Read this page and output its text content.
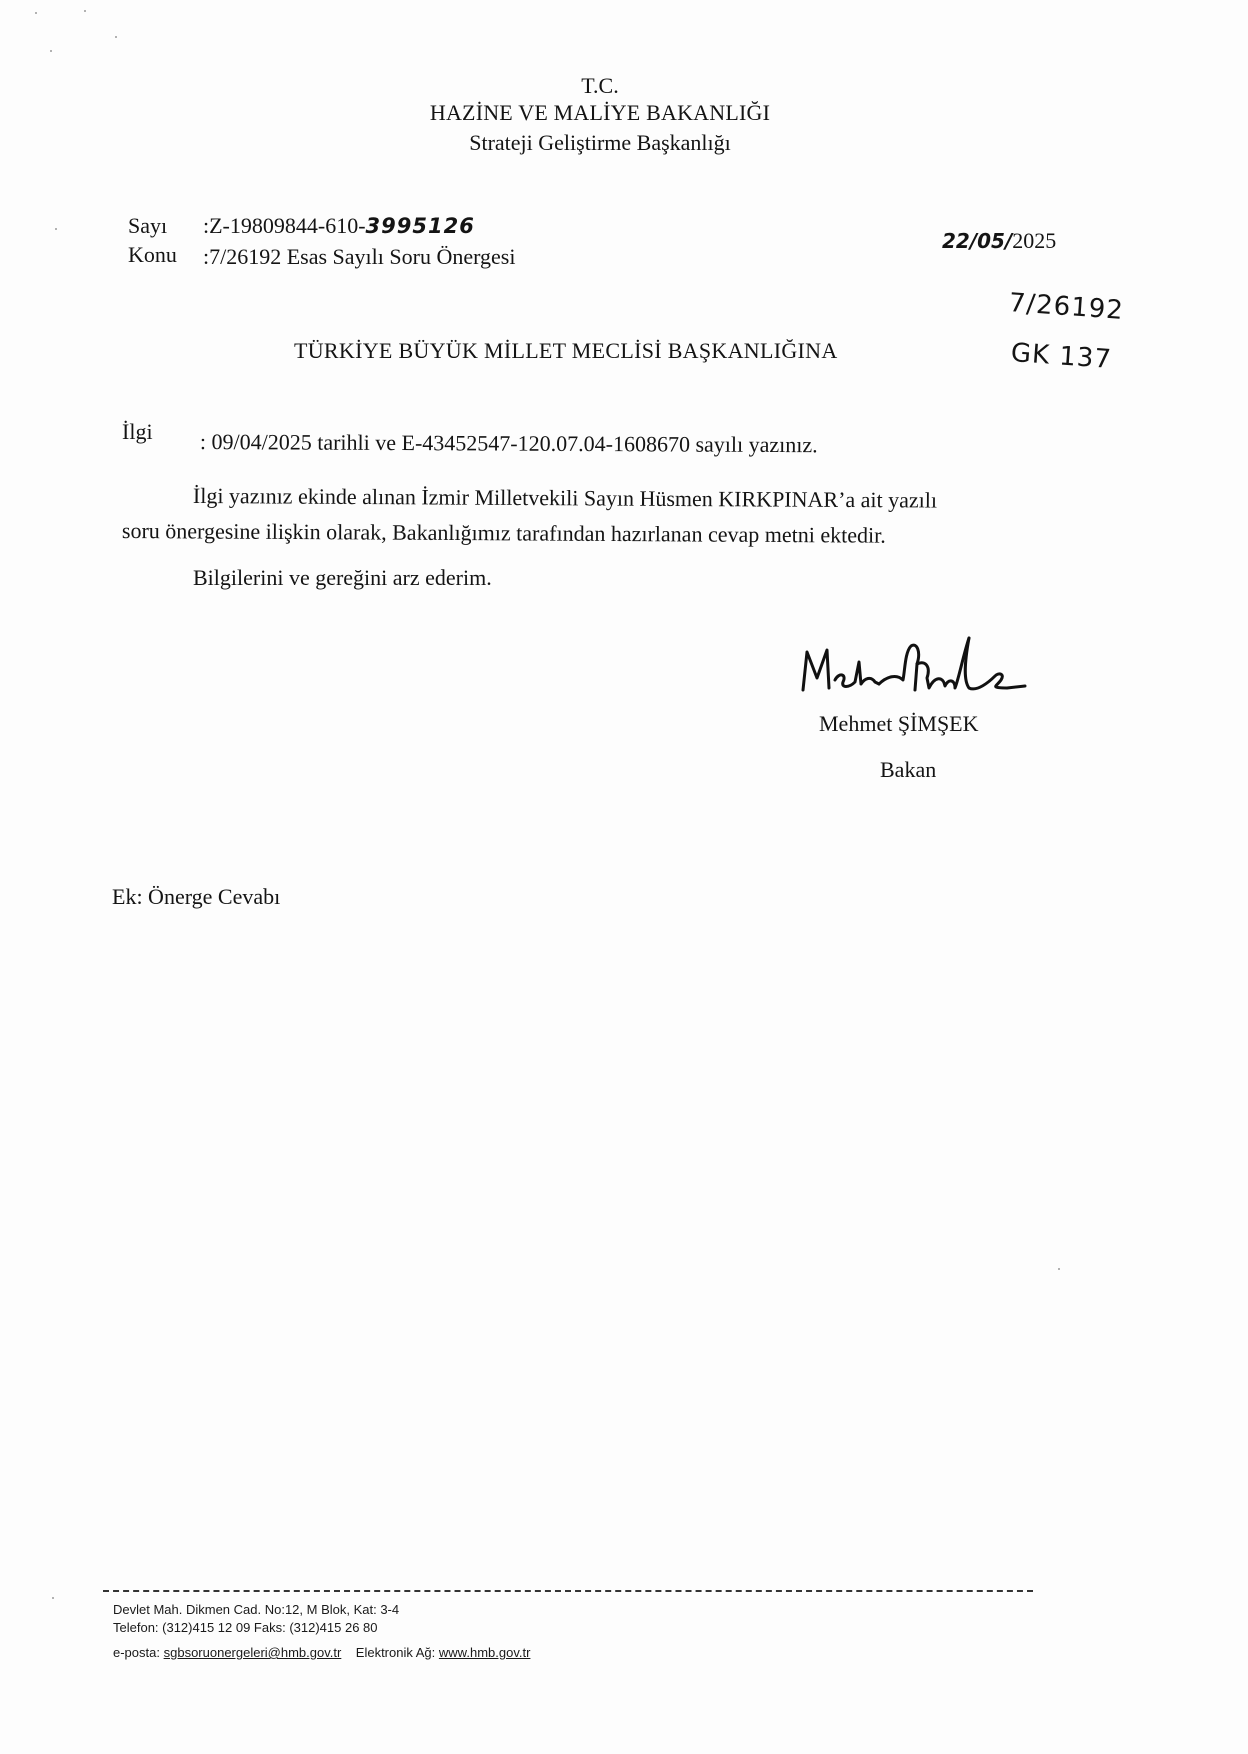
T.C.
HAZİNE VE MALİYE BAKANLIĞI
Strateji Geliştirme Başkanlığı
Sayı :Z-19809844-610-3995126
Konu :7/26192 Esas Sayılı Soru Önergesi
22/05/2025
7/26192
GK 137
TÜRKİYE BÜYÜK MİLLET MECLİSİ BAŞKANLIĞINA
İlgi : 09/04/2025 tarihli ve E-43452547-120.07.04-1608670 sayılı yazınız.
İlgi yazınız ekinde alınan İzmir Milletvekili Sayın Hüsmen KIRKPINAR’a ait yazılı
soru önergesine ilişkin olarak, Bakanlığımız tarafından hazırlanan cevap metni ektedir.
Bilgilerini ve gereğini arz ederim.
Mehmet ŞİMŞEK
Bakan
Ek: Önerge Cevabı
Devlet Mah. Dikmen Cad. No:12, M Blok, Kat: 3-4
Telefon: (312)415 12 09 Faks: (312)415 26 80
e-posta: sgbsoruonergeleri@hmb.gov.tr Elektronik Ağ: www.hmb.gov.tr
